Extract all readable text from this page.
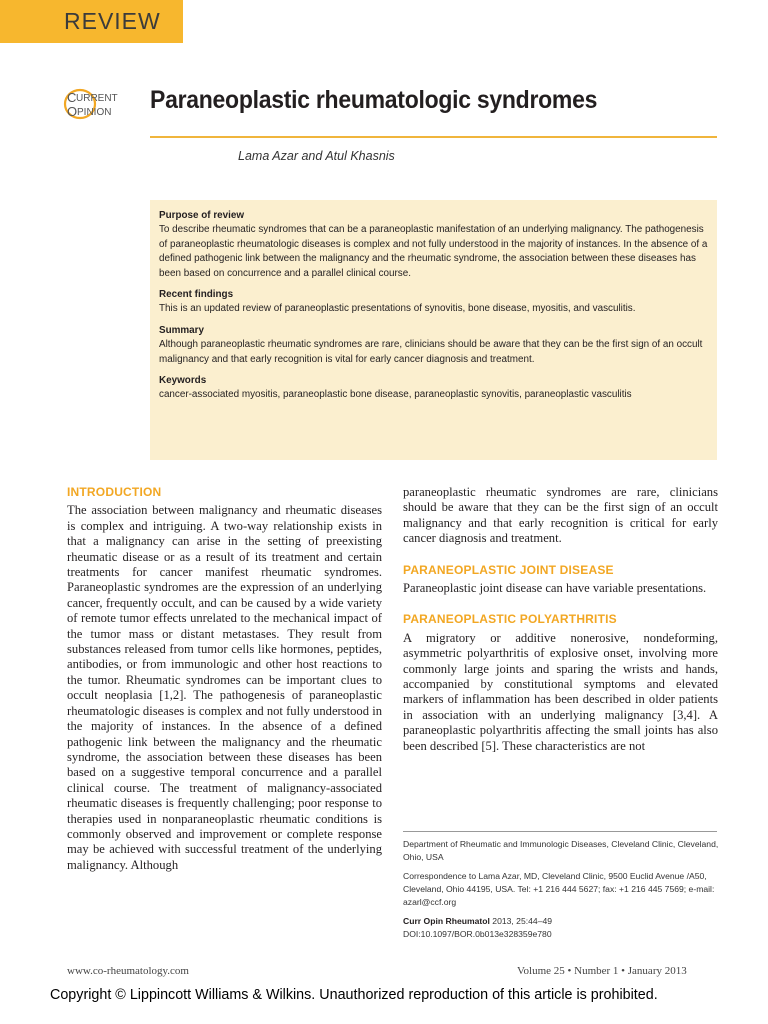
REVIEW
C URRENT
O PINION Paraneoplastic rheumatologic syndromes
Lama Azar and Atul Khasnis
Purpose of review
To describe rheumatic syndromes that can be a paraneoplastic manifestation of an underlying malignancy. The pathogenesis of paraneoplastic rheumatologic diseases is complex and not fully understood in the majority of instances. In the absence of a defined pathogenic link between the malignancy and the rheumatic syndrome, the association between these diseases has been based on concurrence and a parallel clinical course.
Recent findings
This is an updated review of paraneoplastic presentations of synovitis, bone disease, myositis, and vasculitis.
Summary
Although paraneoplastic rheumatic syndromes are rare, clinicians should be aware that they can be the first sign of an occult malignancy and that early recognition is vital for early cancer diagnosis and treatment.
Keywords
cancer-associated myositis, paraneoplastic bone disease, paraneoplastic synovitis, paraneoplastic vasculitis
INTRODUCTION

The association between malignancy and rheumatic diseases is complex and intriguing. A two-way relationship exists in that a malignancy can arise in the setting of preexisting rheumatic disease or as a result of its treatment and certain treatments for cancer manifest rheumatic syndromes. Paraneoplastic syndromes are the expression of an underlying cancer, frequently occult, and can be caused by a wide variety of remote tumor effects unrelated to the mechanical impact of the tumor mass or distant metastases. They result from substances released from tumor cells like hormones, peptides, antibodies, or from immunologic and other host reactions to the tumor. Rheumatic syndromes can be important clues to occult neoplasia [1,2]. The pathogenesis of paraneoplastic rheumatologic diseases is complex and not fully understood in the majority of instances. In the absence of a defined pathogenic link between the malignancy and the rheumatic syndrome, the association between these diseases has been based on a suggestive temporal concurrence and a parallel clinical course. The treatment of malignancy-associated rheumatic diseases is frequently challenging; poor response to therapies used in nonparaneoplastic rheumatic conditions is commonly observed and improvement or complete response may be achieved with successful treatment of the underlying malignancy. Although

paraneoplastic rheumatic syndromes are rare, clinicians should be aware that they can be the first sign of an occult malignancy and that early recognition is critical for early cancer diagnosis and treatment.

PARANEOPLASTIC JOINT DISEASE

Paraneoplastic joint disease can have variable presentations.

PARANEOPLASTIC POLYARTHRITIS

A migratory or additive nonerosive, nondeforming, asymmetric polyarthritis of explosive onset, involving more commonly large joints and sparing the wrists and hands, accompanied by constitutional symptoms and elevated markers of inflammation has been described in older patients in association with an underlying malignancy [3,4]. A paraneoplastic polyarthritis affecting the small joints has also been described [5]. These characteristics are not

Department of Rheumatic and Immunologic Diseases, Cleveland Clinic, Cleveland, Ohio, USA

Correspondence to Lama Azar, MD, Cleveland Clinic, 9500 Euclid Avenue /A50, Cleveland, Ohio 44195, USA. Tel: +1 216 444 5627; fax: +1 216 445 7569; e-mail: azarl@ccf.org

Curr Opin Rheumatol 2013, 25:44–49

DOI:10.1097/BOR.0b013e328359e780

www.co-rheumatology.com	Volume 25 • Number 1 • January 2013
Copyright © Lippincott Williams & Wilkins. Unauthorized reproduction of this article is prohibited.
